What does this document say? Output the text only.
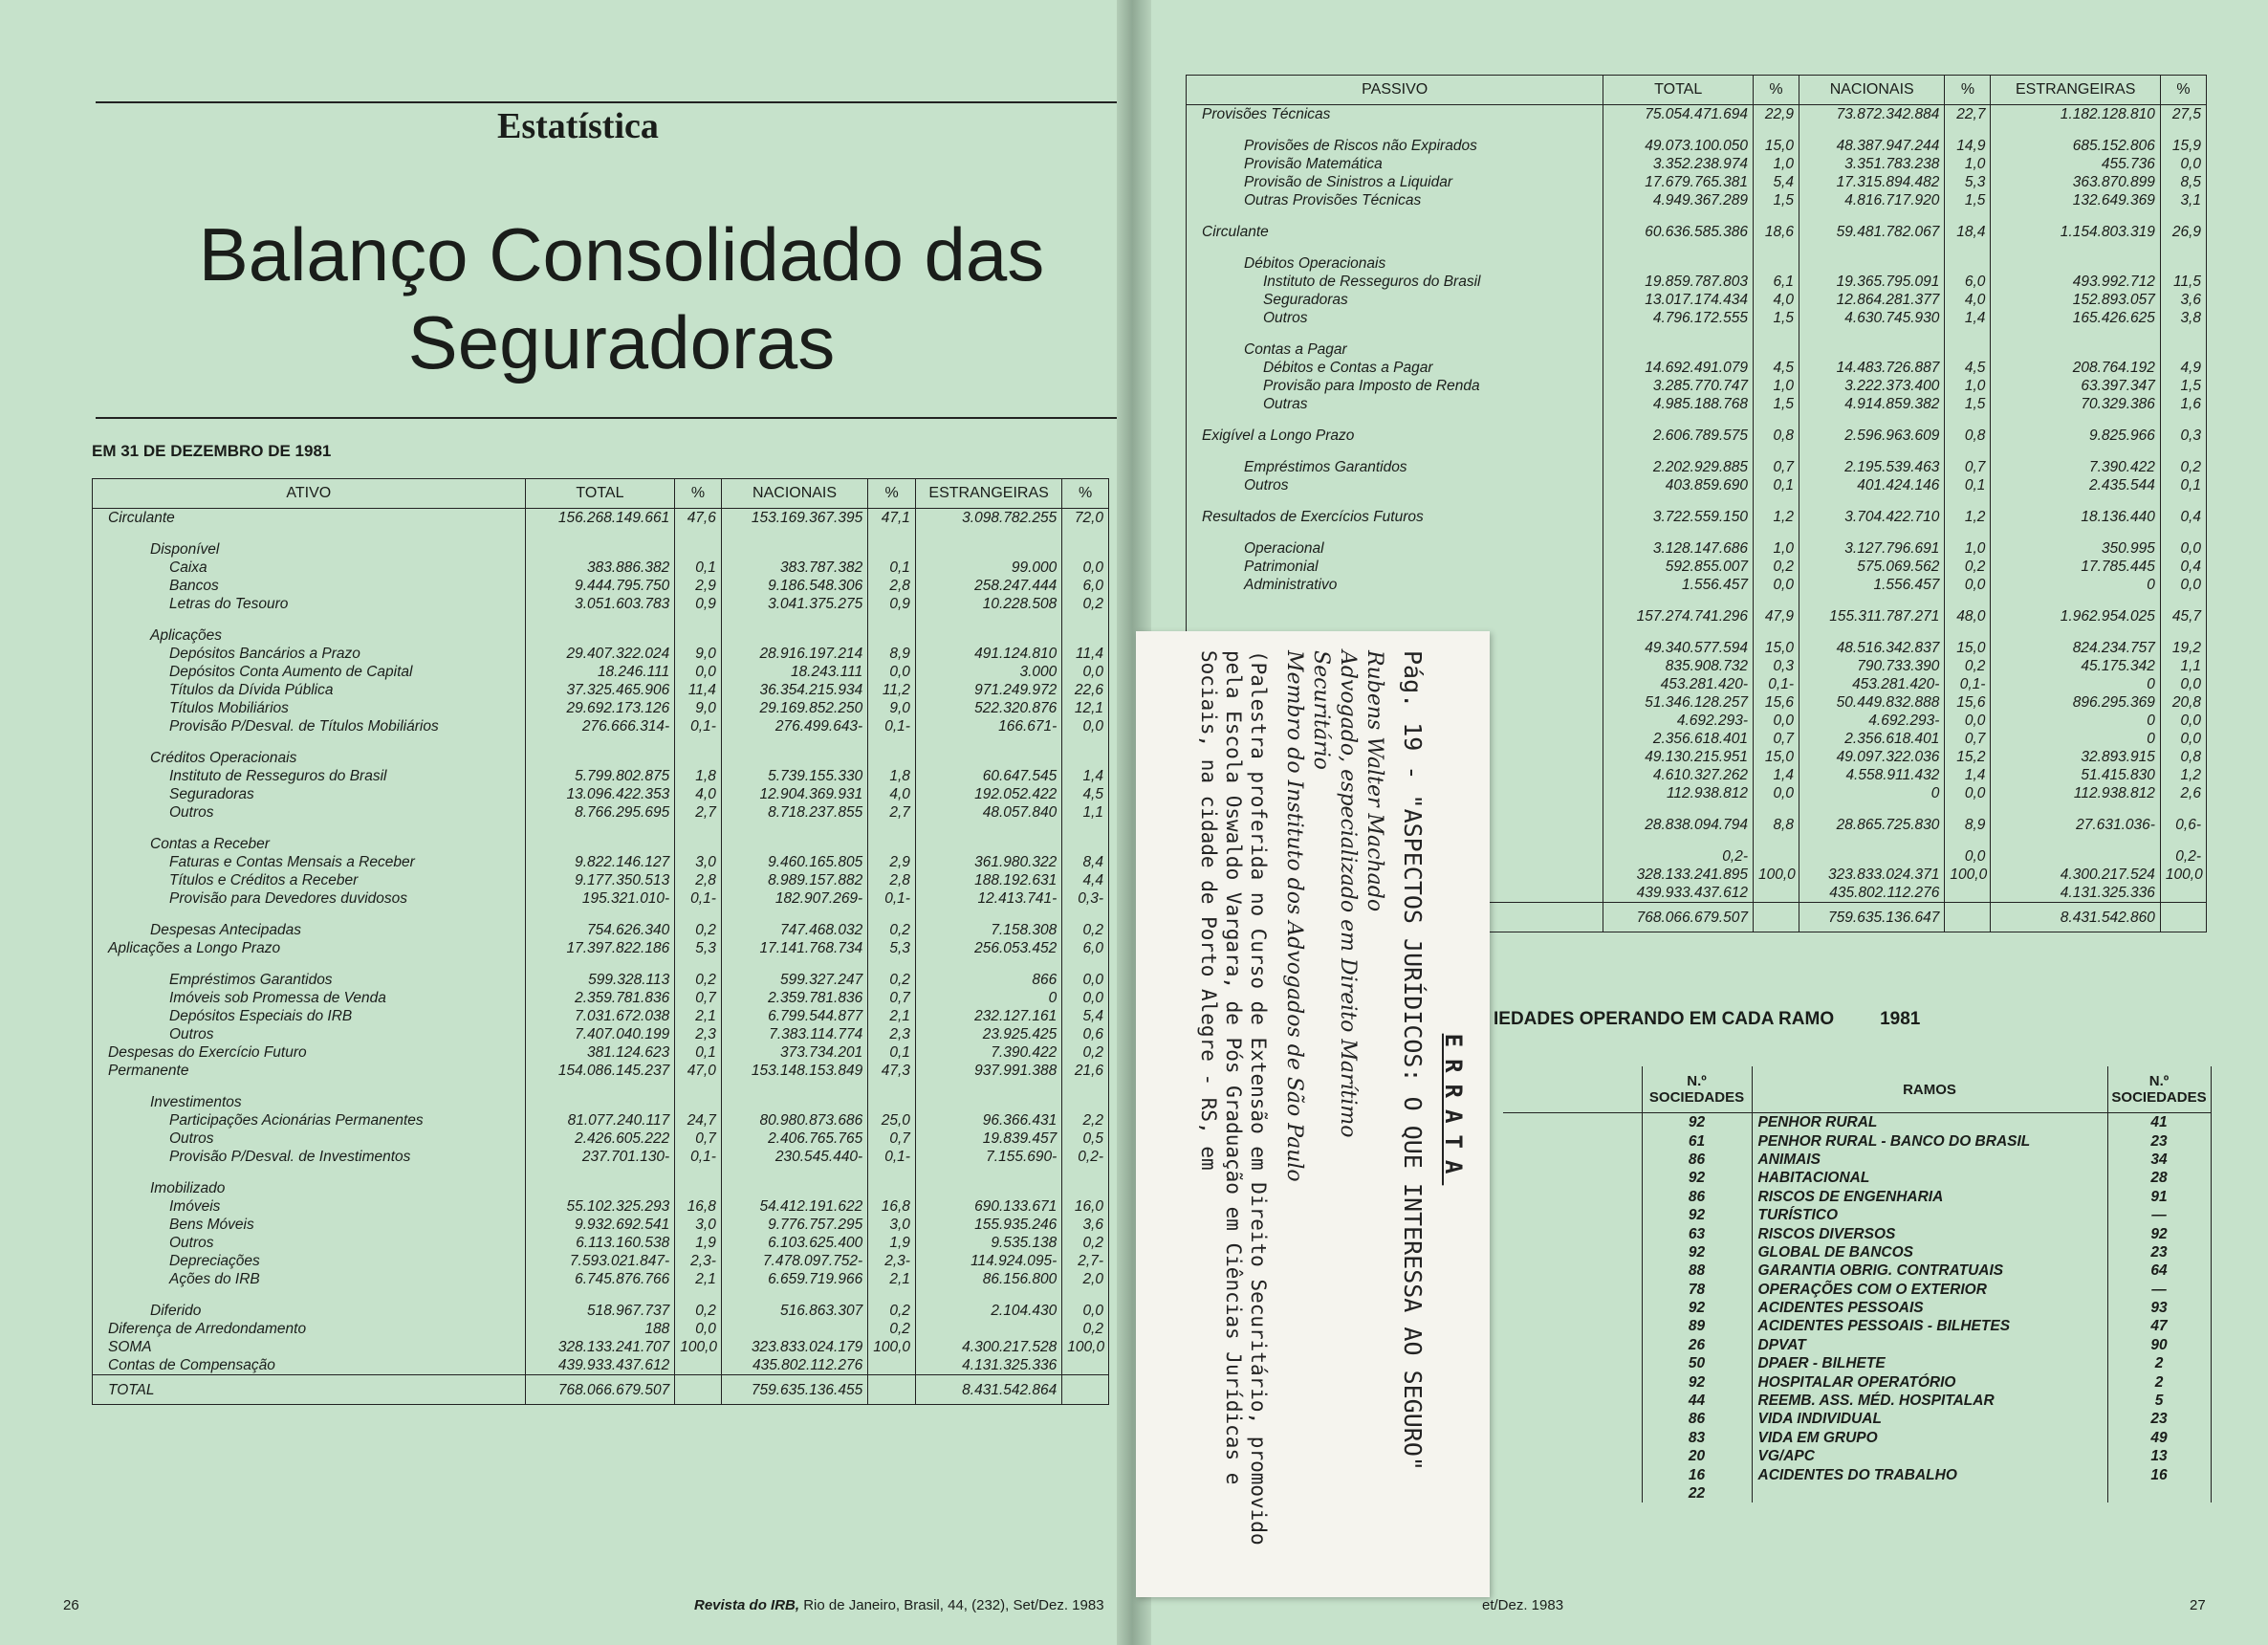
Estatística
Balanço Consolidado das
Seguradoras
EM 31 DE DEZEMBRO DE 1981
ATIVO	TOTAL	%	NACIONAIS	%	ESTRANGEIRAS	%
Circulante	156.268.149.661	47,6	153.169.367.395	47,1	3.098.782.255	72,0

Disponível						
Caixa	383.886.382	0,1	383.787.382	0,1	99.000	0,0
Bancos	9.444.795.750	2,9	9.186.548.306	2,8	258.247.444	6,0
Letras do Tesouro	3.051.603.783	0,9	3.041.375.275	0,9	10.228.508	0,2

Aplicações						
Depósitos Bancários a Prazo	29.407.322.024	9,0	28.916.197.214	8,9	491.124.810	11,4
Depósitos Conta Aumento de Capital	18.246.111	0,0	18.243.111	0,0	3.000	0,0
Títulos da Dívida Pública	37.325.465.906	11,4	36.354.215.934	11,2	971.249.972	22,6
Títulos Mobiliários	29.692.173.126	9,0	29.169.852.250	9,0	522.320.876	12,1
Provisão P/Desval. de Títulos Mobiliários	276.666.314-	0,1-	276.499.643-	0,1-	166.671-	0,0

Créditos Operacionais						
Instituto de Resseguros do Brasil	5.799.802.875	1,8	5.739.155.330	1,8	60.647.545	1,4
Seguradoras	13.096.422.353	4,0	12.904.369.931	4,0	192.052.422	4,5
Outros	8.766.295.695	2,7	8.718.237.855	2,7	48.057.840	1,1

Contas a Receber						
Faturas e Contas Mensais a Receber	9.822.146.127	3,0	9.460.165.805	2,9	361.980.322	8,4
Títulos e Créditos a Receber	9.177.350.513	2,8	8.989.157.882	2,8	188.192.631	4,4
Provisão para Devedores duvidosos	195.321.010-	0,1-	182.907.269-	0,1-	12.413.741-	0,3-

Despesas Antecipadas	754.626.340	0,2	747.468.032	0,2	7.158.308	0,2
Aplicações a Longo Prazo	17.397.822.186	5,3	17.141.768.734	5,3	256.053.452	6,0

Empréstimos Garantidos	599.328.113	0,2	599.327.247	0,2	866	0,0
Imóveis sob Promessa de Venda	2.359.781.836	0,7	2.359.781.836	0,7	0	0,0
Depósitos Especiais do IRB	7.031.672.038	2,1	6.799.544.877	2,1	232.127.161	5,4
Outros	7.407.040.199	2,3	7.383.114.774	2,3	23.925.425	0,6
Despesas do Exercício Futuro	381.124.623	0,1	373.734.201	0,1	7.390.422	0,2
Permanente	154.086.145.237	47,0	153.148.153.849	47,3	937.991.388	21,6

Investimentos						
Participações Acionárias Permanentes	81.077.240.117	24,7	80.980.873.686	25,0	96.366.431	2,2
Outros	2.426.605.222	0,7	2.406.765.765	0,7	19.839.457	0,5
Provisão P/Desval. de Investimentos	237.701.130-	0,1-	230.545.440-	0,1-	7.155.690-	0,2-

Imobilizado						
Imóveis	55.102.325.293	16,8	54.412.191.622	16,8	690.133.671	16,0
Bens Móveis	9.932.692.541	3,0	9.776.757.295	3,0	155.935.246	3,6
Outros	6.113.160.538	1,9	6.103.625.400	1,9	9.535.138	0,2
Depreciações	7.593.021.847-	2,3-	7.478.097.752-	2,3-	114.924.095-	2,7-
Ações do IRB	6.745.876.766	2,1	6.659.719.966	2,1	86.156.800	2,0

Diferido	518.967.737	0,2	516.863.307	0,2	2.104.430	0,0
Diferença de Arredondamento	188	0,0		0,2		0,2
SOMA	328.133.241.707	100,0	323.833.024.179	100,0	4.300.217.528	100,0
Contas de Compensação	439.933.437.612		435.802.112.276		4.131.325.336	
TOTAL	768.066.679.507		759.635.136.455		8.431.542.864	
26	Revista do IRB, Rio de Janeiro, Brasil, 44, (232), Set/Dez. 1983
PASSIVO	TOTAL	%	NACIONAIS	%	ESTRANGEIRAS	%
Provisões Técnicas	75.054.471.694	22,9	73.872.342.884	22,7	1.182.128.810	27,5

Provisões de Riscos não Expirados	49.073.100.050	15,0	48.387.947.244	14,9	685.152.806	15,9
Provisão Matemática	3.352.238.974	1,0	3.351.783.238	1,0	455.736	0,0
Provisão de Sinistros a Liquidar	17.679.765.381	5,4	17.315.894.482	5,3	363.870.899	8,5
Outras Provisões Técnicas	4.949.367.289	1,5	4.816.717.920	1,5	132.649.369	3,1

Circulante	60.636.585.386	18,6	59.481.782.067	18,4	1.154.803.319	26,9

Débitos Operacionais						
Instituto de Resseguros do Brasil	19.859.787.803	6,1	19.365.795.091	6,0	493.992.712	11,5
Seguradoras	13.017.174.434	4,0	12.864.281.377	4,0	152.893.057	3,6
Outros	4.796.172.555	1,5	4.630.745.930	1,4	165.426.625	3,8

Contas a Pagar						
Débitos e Contas a Pagar	14.692.491.079	4,5	14.483.726.887	4,5	208.764.192	4,9
Provisão para Imposto de Renda	3.285.770.747	1,0	3.222.373.400	1,0	63.397.347	1,5
Outras	4.985.188.768	1,5	4.914.859.382	1,5	70.329.386	1,6

Exigível a Longo Prazo	2.606.789.575	0,8	2.596.963.609	0,8	9.825.966	0,3

Empréstimos Garantidos	2.202.929.885	0,7	2.195.539.463	0,7	7.390.422	0,2
Outros	403.859.690	0,1	401.424.146	0,1	2.435.544	0,1

Resultados de Exercícios Futuros	3.722.559.150	1,2	3.704.422.710	1,2	18.136.440	0,4

Operacional	3.128.147.686	1,0	3.127.796.691	1,0	350.995	0,0
Patrimonial	592.855.007	0,2	575.069.562	0,2	17.785.445	0,4
Administrativo	1.556.457	0,0	1.556.457	0,0	0	0,0

	157.274.741.296	47,9	155.311.787.271	48,0	1.962.954.025	45,7

	49.340.577.594	15,0	48.516.342.837	15,0	824.234.757	19,2
	835.908.732	0,3	790.733.390	0,2	45.175.342	1,1
	453.281.420-	0,1-	453.281.420-	0,1-	0	0,0
	51.346.128.257	15,6	50.449.832.888	15,6	896.295.369	20,8
	4.692.293-	0,0	4.692.293-	0,0	0	0,0
	2.356.618.401	0,7	2.356.618.401	0,7	0	0,0
	49.130.215.951	15,0	49.097.322.036	15,2	32.893.915	0,8
	4.610.327.262	1,4	4.558.911.432	1,4	51.415.830	1,2
	112.938.812	0,0	0	0,0	112.938.812	2,6

	28.838.094.794	8,8	28.865.725.830	8,9	27.631.036-	0,6-

	0,2-			0,0		0,2-
	328.133.241.895	100,0	323.833.024.371	100,0	4.300.217.524	100,0
	439.933.437.612		435.802.112.276		4.131.325.336	
	768.066.679.507		759.635.136.647		8.431.542.860	
IEDADES OPERANDO EM CADA RAMO	1981
	N.º SOCIEDADES	RAMOS	N.º SOCIEDADES
	92	PENHOR RURAL	41
	61	PENHOR RURAL - BANCO DO BRASIL	23
	86	ANIMAIS	34
	92	HABITACIONAL	28
	86	RISCOS DE ENGENHARIA	91
	92	TURÍSTICO	—
	63	RISCOS DIVERSOS	92
	92	GLOBAL DE BANCOS	23
	88	GARANTIA OBRIG. CONTRATUAIS	64
	78	OPERAÇÕES COM O EXTERIOR	—
	92	ACIDENTES PESSOAIS	93
	89	ACIDENTES PESSOAIS - BILHETES	47
	26	DPVAT	90
	50	DPAER - BILHETE	2
	92	HOSPITALAR OPERATÓRIO	2
	44	REEMB. ASS. MÉD. HOSPITALAR	5
	86	VIDA INDIVIDUAL	23
	83	VIDA EM GRUPO	49
	20	VG/APC	13
	16	ACIDENTES DO TRABALHO	16
	22		
et/Dez. 1983	27
ERRATA
Pág. 19 - "ASPECTOS JURÍDICOS: O QUE INTERESSA AO SEGURO"
Rubens Walter Machado
Advogado, especializado em Direito Marítimo
Securitário
Membro do Instituto dos Advogados de São Paulo
(Palestra proferida no Curso de Extensão em Direito Securitário, promovido pela Escola Oswaldo Vargara, de Pós Graduação em Ciências Jurídicas e Sociais, na cidade de Porto Alegre - RS, em
